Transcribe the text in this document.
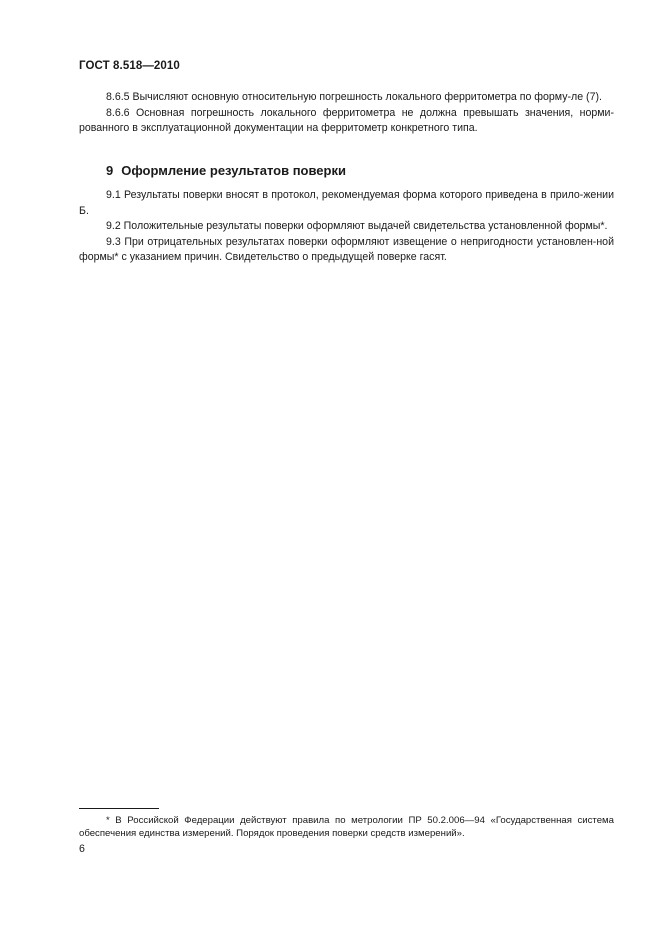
ГОСТ 8.518—2010

8.6.5 Вычисляют основную относительную погрешность локального ферритометра по форму-ле (7).

8.6.6 Основная погрешность локального ферритометра не должна превышать значения, норми-рованного в эксплуатационной документации на ферритометр конкретного типа.

9 Оформление результатов поверки

9.1 Результаты поверки вносят в протокол, рекомендуемая форма которого приведена в прило-жении Б.

9.2 Положительные результаты поверки оформляют выдачей свидетельства установленной формы*.

9.3 При отрицательных результатах поверки оформляют извещение о непригодности установлен-ной формы* с указанием причин. Свидетельство о предыдущей поверке гасят.

* В Российской Федерации действуют правила по метрологии ПР 50.2.006—94 «Государственная система обеспечения единства измерений. Порядок проведения поверки средств измерений».

6
